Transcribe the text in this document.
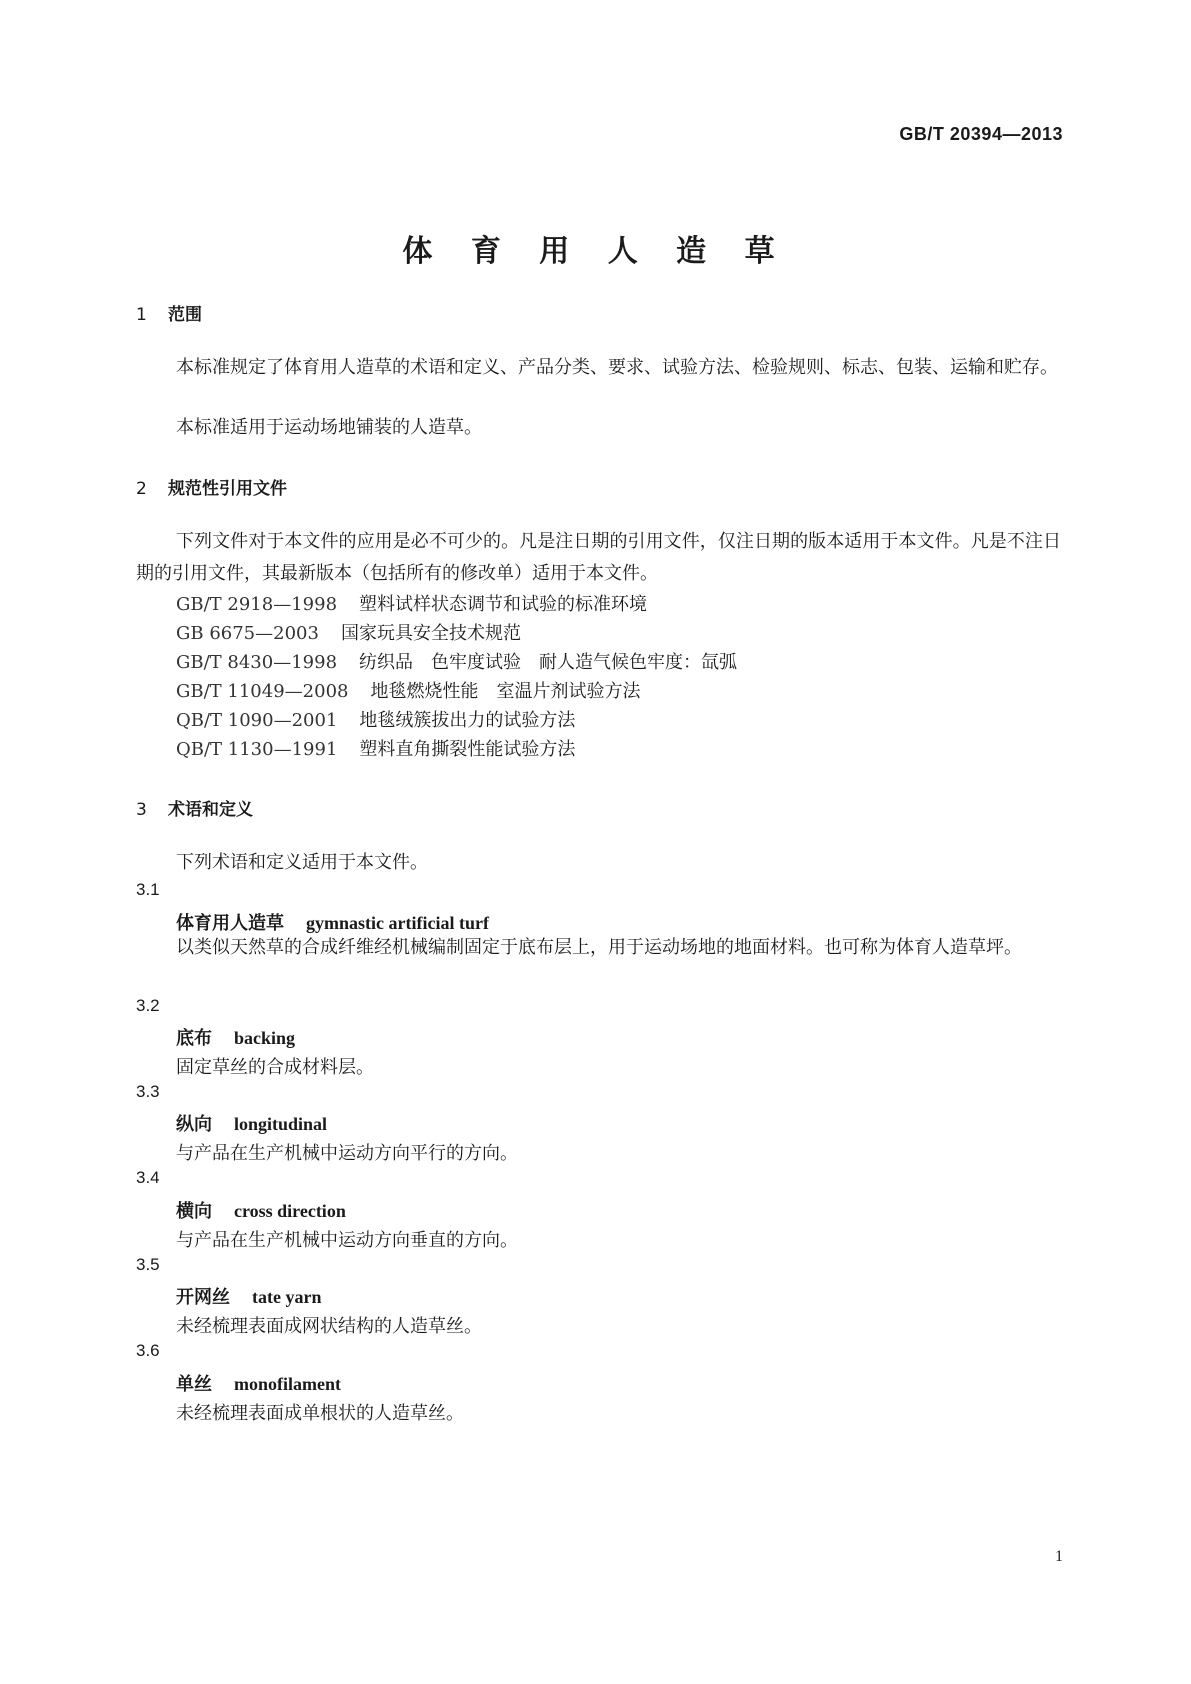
GB/T 20394—2013
体 育 用 人 造 草
1 范围
本标准规定了体育用人造草的术语和定义、产品分类、要求、试验方法、检验规则、标志、包装、运输和贮存。
本标准适用于运动场地铺装的人造草。
2 规范性引用文件
下列文件对于本文件的应用是必不可少的。凡是注日期的引用文件，仅注日期的版本适用于本文件。凡是不注日期的引用文件，其最新版本（包括所有的修改单）适用于本文件。
GB/T 2918—1998 塑料试样状态调节和试验的标准环境
GB 6675—2003 国家玩具安全技术规范
GB/T 8430—1998 纺织品　色牢度试验　耐人造气候色牢度：氙弧
GB/T 11049—2008 地毯燃烧性能　室温片剂试验方法
QB/T 1090—2001 地毯绒簇拔出力的试验方法
QB/T 1130—1991 塑料直角撕裂性能试验方法
3 术语和定义
下列术语和定义适用于本文件。
3.1
体育用人造草 gymnastic artificial turf
以类似天然草的合成纤维经机械编制固定于底布层上，用于运动场地的地面材料。也可称为体育人造草坪。
3.2
底布 backing
固定草丝的合成材料层。
3.3
纵向 longitudinal
与产品在生产机械中运动方向平行的方向。
3.4
横向 cross direction
与产品在生产机械中运动方向垂直的方向。
3.5
开网丝 tate yarn
未经梳理表面成网状结构的人造草丝。
3.6
单丝 monofilament
未经梳理表面成单根状的人造草丝。
1
